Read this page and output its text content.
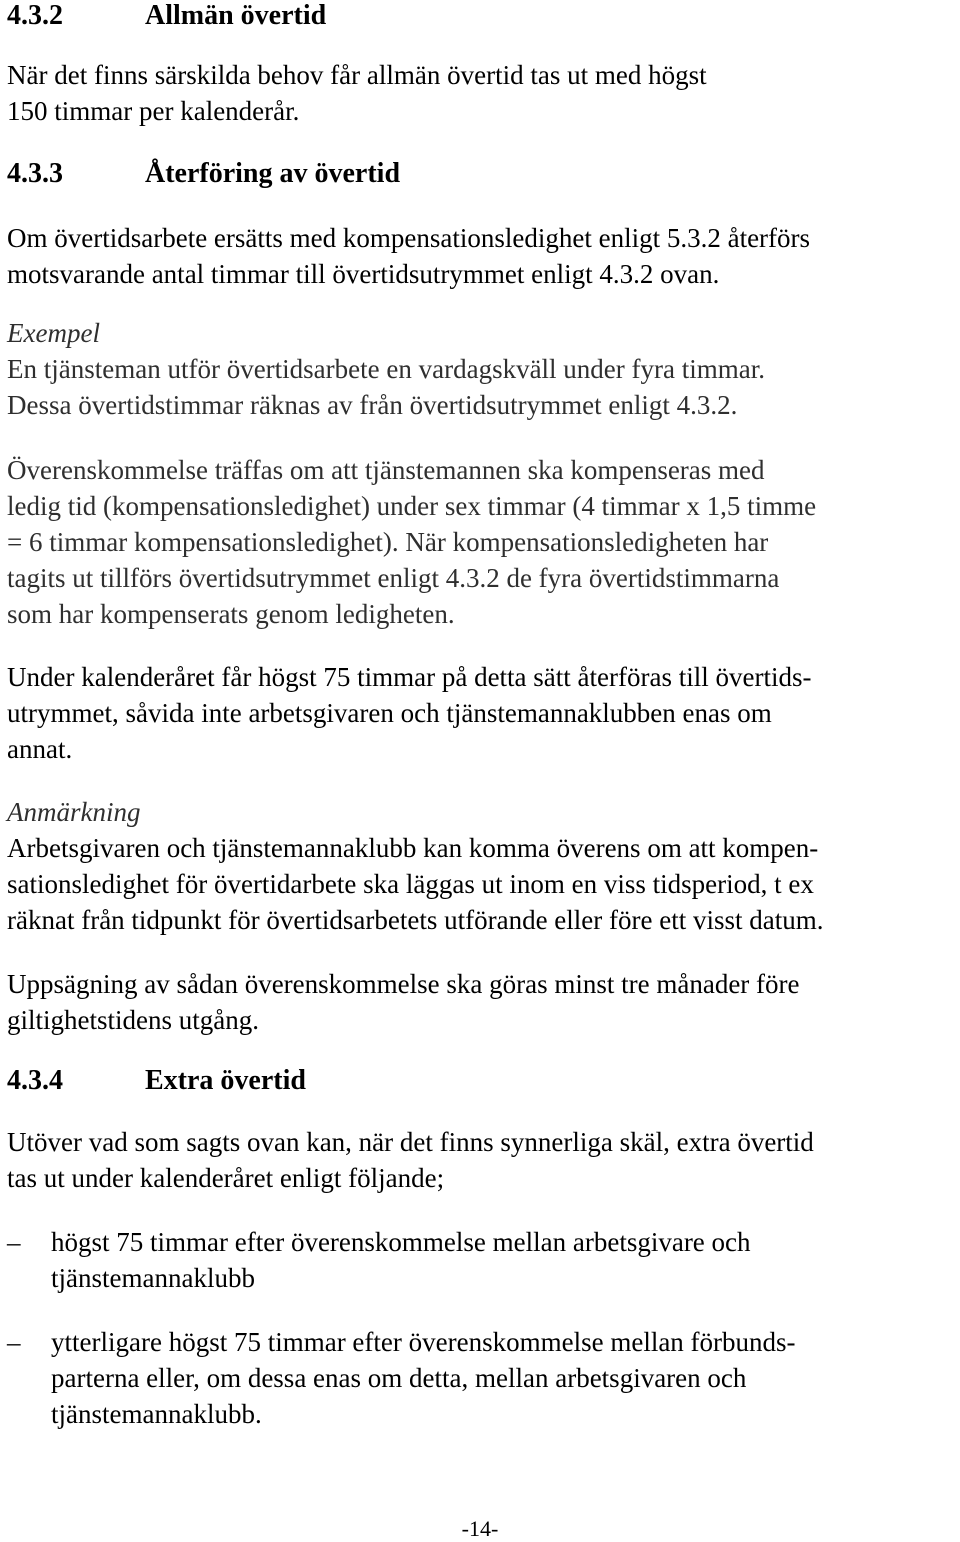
4.3.2	Allmän övertid

När det finns särskilda behov får allmän övertid tas ut med högst
150 timmar per kalenderår.

4.3.3	Återföring av övertid

Om övertidsarbete ersätts med kompensationsledighet enligt 5.3.2 återförs
motsvarande antal timmar till övertidsutrymmet enligt 4.3.2 ovan.

Exempel
En tjänsteman utför övertidsarbete en vardagskväll under fyra timmar.
Dessa övertidstimmar räknas av från övertidsutrymmet enligt 4.3.2.

Överenskommelse träffas om att tjänstemannen ska kompenseras med
ledig tid (kompensationsledighet) under sex timmar (4 timmar x 1,5 timme
= 6 timmar kompensationsledighet). När kompensationsledigheten har
tagits ut tillförs övertidsutrymmet enligt 4.3.2 de fyra övertidstimmarna
som har kompenserats genom ledigheten.

Under kalenderåret får högst 75 timmar på detta sätt återföras till övertids-
utrymmet, såvida inte arbetsgivaren och tjänstemannaklubben enas om
annat.

Anmärkning
Arbetsgivaren och tjänstemannaklubb kan komma överens om att kompen-
sationsledighet för övertidarbete ska läggas ut inom en viss tidsperiod, t ex
räknat från tidpunkt för övertidsarbetets utförande eller före ett visst datum.

Uppsägning av sådan överenskommelse ska göras minst tre månader före
giltighetstidens utgång.

4.3.4	Extra övertid

Utöver vad som sagts ovan kan, när det finns synnerliga skäl, extra övertid
tas ut under kalenderåret enligt följande;

–	högst 75 timmar efter överenskommelse mellan arbetsgivare och
tjänstemannaklubb

–	ytterligare högst 75 timmar efter överenskommelse mellan förbunds-
parterna eller, om dessa enas om detta, mellan arbetsgivaren och
tjänstemannaklubb.

-14-
